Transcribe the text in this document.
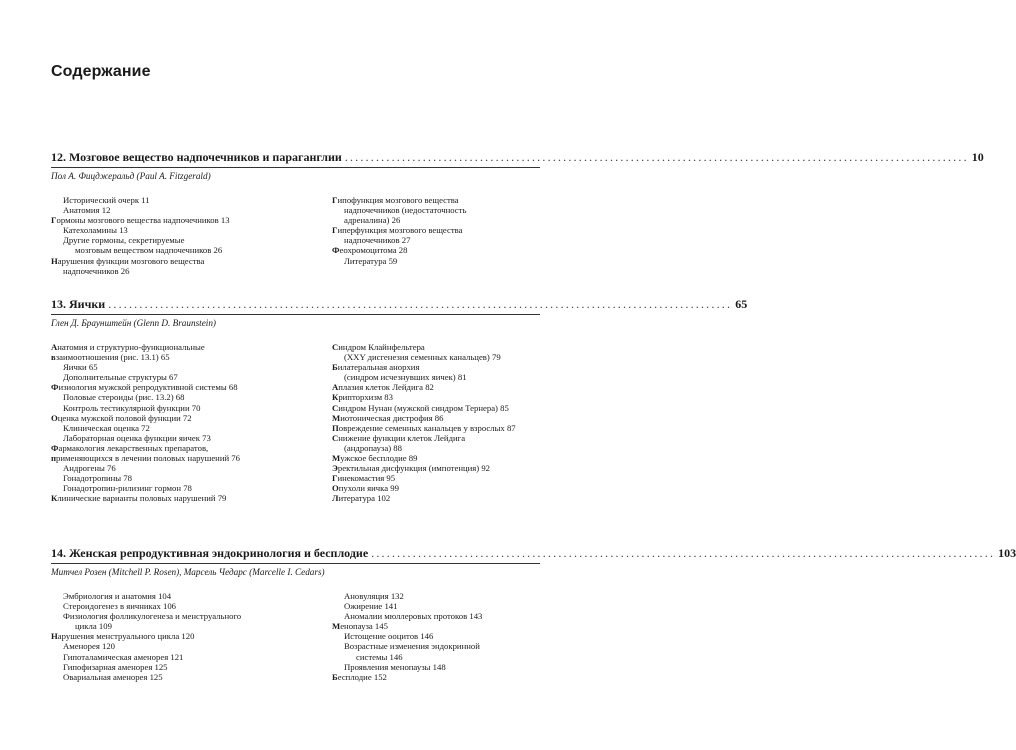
Содержание
12. Мозговое вещество надпочечников и параганглии ........................................................................................................................ 10
Пол А. Фицджеральд (Paul A. Fitzgerald)
Исторический очерк 11
Анатомия 12
Гормоны мозгового вещества надпочечников 13
Катехоламины 13
Другие гормоны, секретируемые
мозговым веществом надпочечников 26
Нарушения функции мозгового вещества
надпочечников 26
Гипофункция мозгового вещества
надпочечников (недостаточность
адреналина) 26
Гиперфункция мозгового вещества
надпочечников 27
Феохромоцитома 28
Литература 59
13. Яички ........................................................................................................................ 65
Глен Д. Браунштейн (Glenn D. Braunstein)
Анатомия и структурно-функциональные
взаимоотношения (рис. 13.1) 65
Яички 65
Дополнительные структуры 67
Физиология мужской репродуктивной системы 68
Половые стероиды (рис. 13.2) 68
Контроль тестикулярной функции 70
Оценка мужской половой функции 72
Клиническая оценка 72
Лабораторная оценка функции яичек 73
Фармакология лекарственных препаратов,
применяющихся в лечении половых нарушений 76
Андрогены 76
Гонадотропины 78
Гонадотропин-рилизинг гормон 78
Клинические варианты половых нарушений 79
Синдром Клайнфельтера
(XXY дисгенезия семенных канальцев) 79
Билатеральная анорхия
(синдром исчезнувших яичек) 81
Аплазия клеток Лейдига 82
Крипторхизм 83
Синдром Нунан (мужской синдром Тернера) 85
Миотоническая дистрофия 86
Повреждение семенных канальцев у взрослых 87
Снижение функции клеток Лейдига
(андропауза) 88
Мужское бесплодие 89
Эректильная дисфункция (импотенция) 92
Гинекомастия 95
Опухоли яичка 99
Литература 102
14. Женская репродуктивная эндокринология и бесплодие ........................................................................................................................ 103
Митчел Розен (Mitchell P. Rosen), Марсель Чедарс (Marcelle I. Cedars)
Эмбриология и анатомия 104
Стероидогенез в яичниках 106
Физиология фолликулогенеза и менструального
цикла 109
Нарушения менструального цикла 120
Аменорея 120
Гипоталамическая аменорея 121
Гипофизарная аменорея 125
Овариальная аменорея 125
Ановуляция 132
Ожирение 141
Аномалии мюллеровых протоков 143
Менопауза 145
Истощение ооцитов 146
Возрастные изменения эндокринной
системы 146
Проявления менопаузы 148
Бесплодие 152
